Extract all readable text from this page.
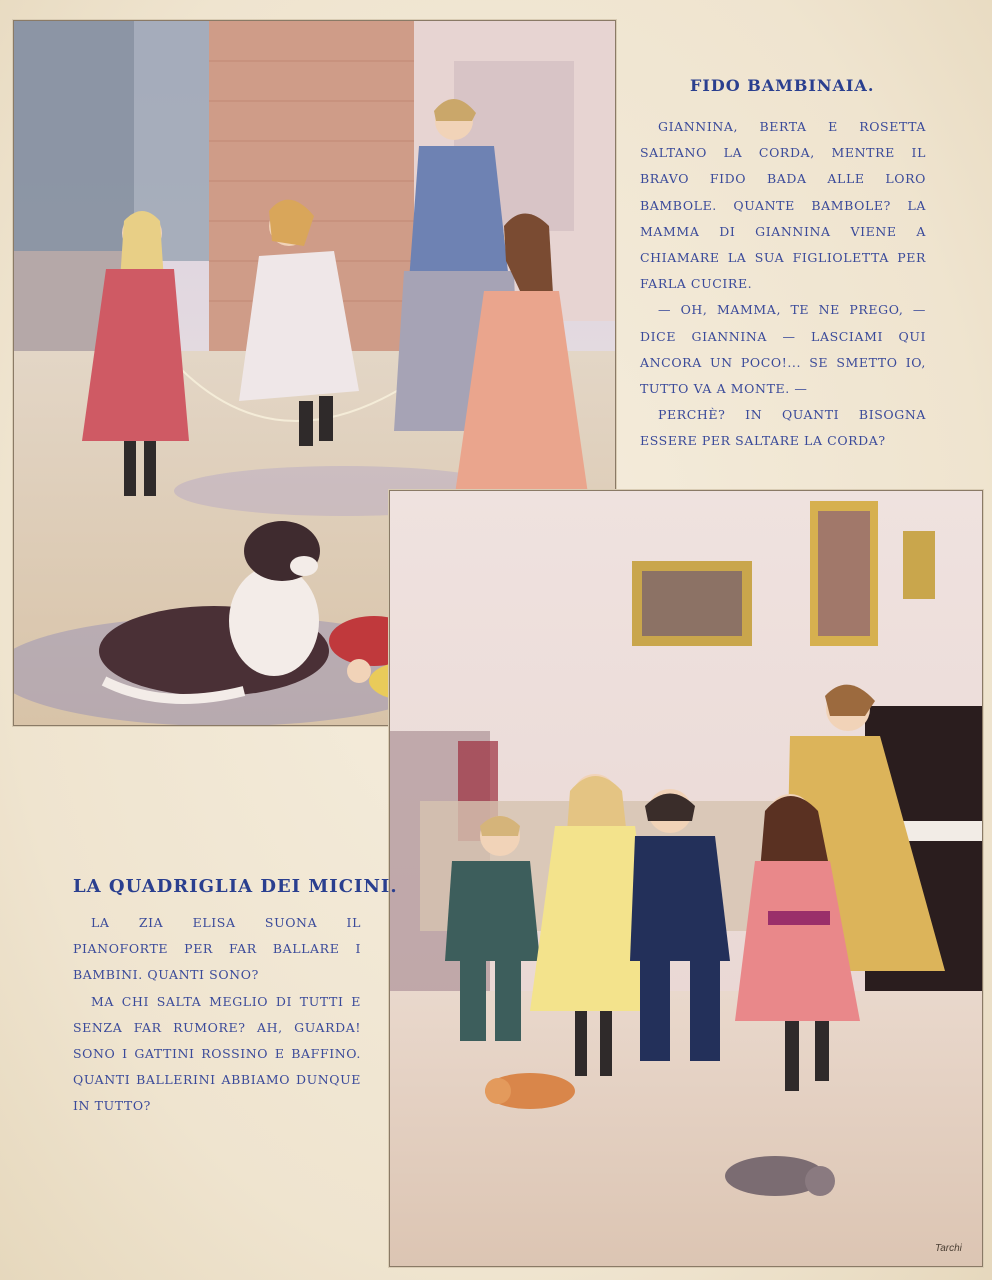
Tarchi
FIDO BAMBINAIA.

GIANNINA, BERTA E ROSETTA SALTANO LA CORDA, MENTRE IL BRAVO FIDO BADA ALLE LORO BAMBOLE. QUANTE BAMBOLE? LA MAMMA DI GIANNINA VIENE A CHIAMARE LA SUA FIGLIOLETTA PER FARLA CUCIRE.

— OH, MAMMA, TE NE PREGO, — DICE GIANNINA — LASCIAMI QUI ANCORA UN POCO!... SE SMETTO IO, TUTTO VA A MONTE. —

PERCHÈ? IN QUANTI BISOGNA ESSERE PER SALTARE LA CORDA?

LA QUADRIGLIA DEI MICINI.

LA ZIA ELISA SUONA IL PIANOFORTE PER FAR BALLARE I BAMBINI. QUANTI SONO?

MA CHI SALTA MEGLIO DI TUTTI E SENZA FAR RUMORE? AH, GUARDA! SONO I GATTINI ROSSINO E BAFFINO. QUANTI BALLERINI ABBIAMO DUNQUE IN TUTTO?
